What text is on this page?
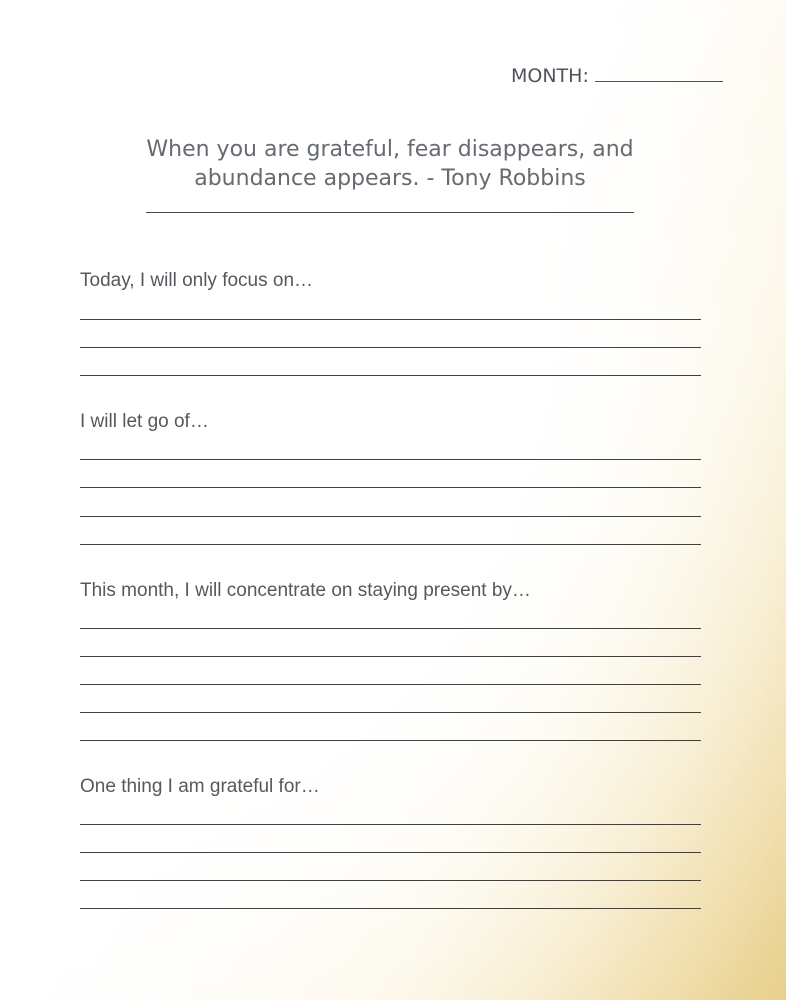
MONTH:
When you are grateful, fear disappears, and
abundance appears. - Tony Robbins
Today, I will only focus on…
I will let go of…
This month, I will concentrate on staying present by…
One thing I am grateful for…
